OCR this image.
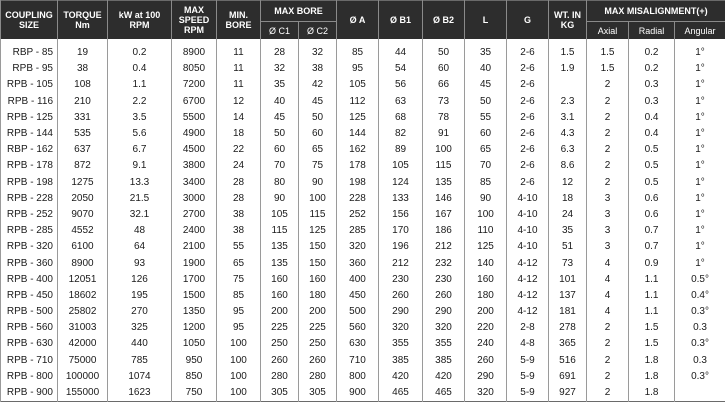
COUPLING SIZE	TORQUE Nm	kW at 100 RPM	MAX SPEED RPM	MIN. BORE	MAX BORE		Ø A	Ø B1	Ø B2	L	G	WT. IN KG	MAX MISALIGNMENT(+)		
					Ø C1	Ø C2							Axial	Radial	Angular
RBP - 85	19	0.2	8900	11	28	32	85	44	50	35	2-6	1.5	1.5	0.2	1°
RPB - 95	38	0.4	8050	11	32	38	95	54	60	40	2-6	1.9	1.5	0.2	1°
RPB - 105	108	1.1	7200	11	35	42	105	56	66	45	2-6		2	0.3	1°
RPB - 116	210	2.2	6700	12	40	45	112	63	73	50	2-6	2.3	2	0.3	1°
RPB - 125	331	3.5	5500	14	45	50	125	68	78	55	2-6	3.1	2	0.4	1°
RPB - 144	535	5.6	4900	18	50	60	144	82	91	60	2-6	4.3	2	0.4	1°
RBP - 162	637	6.7	4500	22	60	65	162	89	100	65	2-6	6.3	2	0.5	1°
RPB - 178	872	9.1	3800	24	70	75	178	105	115	70	2-6	8.6	2	0.5	1°
RPB - 198	1275	13.3	3400	28	80	90	198	124	135	85	2-6	12	2	0.5	1°
RPB - 228	2050	21.5	3000	28	90	100	228	133	146	90	4-10	18	3	0.6	1°
RPB - 252	9070	32.1	2700	38	105	115	252	156	167	100	4-10	24	3	0.6	1°
RPB - 285	4552	48	2400	38	115	125	285	170	186	110	4-10	35	3	0.7	1°
RPB - 320	6100	64	2100	55	135	150	320	196	212	125	4-10	51	3	0.7	1°
RPB - 360	8900	93	1900	65	135	150	360	212	232	140	4-12	73	4	0.9	1°
RPB - 400	12051	126	1700	75	160	160	400	230	230	160	4-12	101	4	1.1	0.5°
RPB - 450	18602	195	1500	85	160	180	450	260	260	180	4-12	137	4	1.1	0.4°
RPB - 500	25802	270	1350	95	200	200	500	290	290	200	4-12	181	4	1.1	0.3°
RPB - 560	31003	325	1200	95	225	225	560	320	320	220	2-8	278	2	1.5	0.3
RPB - 630	42000	440	1050	100	250	250	630	355	355	240	4-8	365	2	1.5	0.3°
RPB - 710	75000	785	950	100	260	260	710	385	385	260	5-9	516	2	1.8	0.3
RPB - 800	100000	1074	850	100	280	280	800	420	420	290	5-9	691	2	1.8	0.3°
RPB - 900	155000	1623	750	100	305	305	900	465	465	320	5-9	927	2	1.8	
